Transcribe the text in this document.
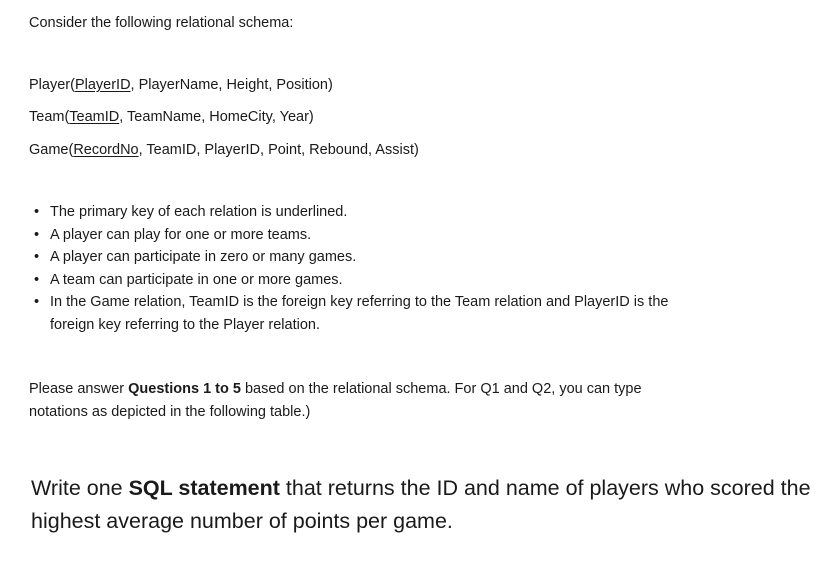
Consider the following relational schema:
Player(PlayerID, PlayerName, Height, Position)
Team(TeamID, TeamName, HomeCity, Year)
Game(RecordNo, TeamID, PlayerID, Point, Rebound, Assist)
• The primary key of each relation is underlined.
• A player can play for one or more teams.
• A player can participate in zero or many games.
• A team can participate in one or more games.
• In the Game relation, TeamID is the foreign key referring to the Team relation and PlayerID is the foreign key referring to the Player relation.
Please answer Questions 1 to 5 based on the relational schema. For Q1 and Q2, you can type notations as depicted in the following table.)
Write one SQL statement that returns the ID and name of players who scored the highest average number of points per game.
